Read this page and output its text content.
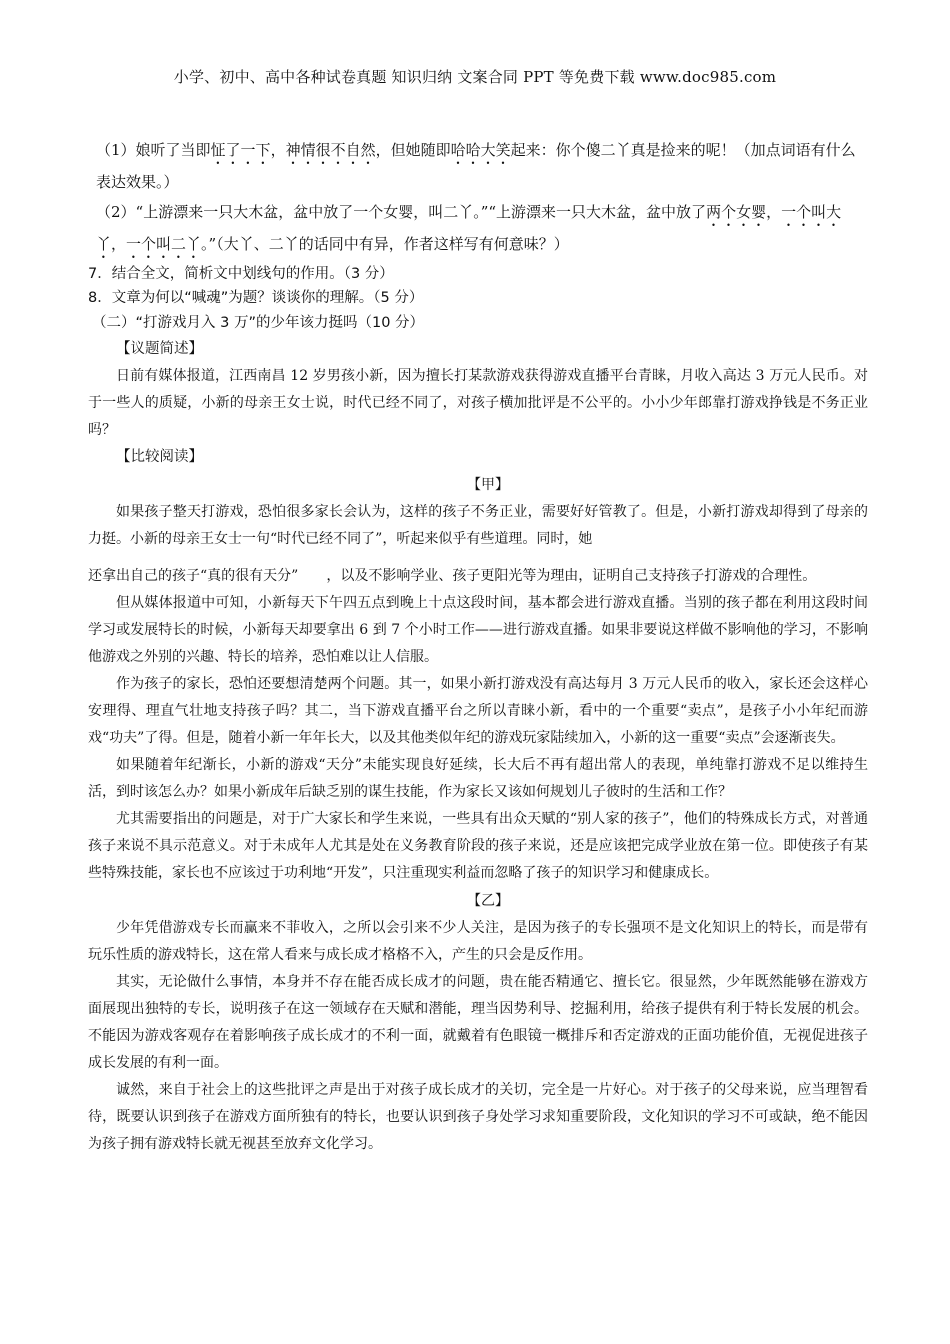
小学、初中、高中各种试卷真题 知识归纳 文案合同 PPT 等免费下载 www.doc985.com

（1）娘听了当即怔了一下，神情很不自然，但她随即哈哈大笑起来：你个傻二丫真是捡来的呢！（加点词语有什么表达效果。）

（2）“上游漂来一只大木盆，盆中放了一个女婴，叫二丫。”“上游漂来一只大木盆，盆中放了两个女婴，一个叫大丫，一个叫二丫。”（大丫、二丫的话同中有异，作者这样写有何意味？）

7．结合全文，简析文中划线句的作用。（3 分）

8．文章为何以“喊魂”为题？谈谈你的理解。（5 分）

（二）“打游戏月入 3 万”的少年该力挺吗（10 分）

【议题简述】

日前有媒体报道，江西南昌 12 岁男孩小新，因为擅长打某款游戏获得游戏直播平台青睐，月收入高达 3 万元人民币。对于一些人的质疑，小新的母亲王女士说，时代已经不同了，对孩子横加批评是不公平的。小小少年郎靠打游戏挣钱是不务正业吗？

【比较阅读】

【甲】

如果孩子整天打游戏，恐怕很多家长会认为，这样的孩子不务正业，需要好好管教了。但是，小新打游戏却得到了母亲的力挺。小新的母亲王女士一句“时代已经不同了”，听起来似乎有些道理。同时，她

还拿出自己的孩子“真的很有天分”　　，以及不影响学业、孩子更阳光等为理由，证明自己支持孩子打游戏的合理性。

但从媒体报道中可知，小新每天下午四五点到晚上十点这段时间，基本都会进行游戏直播。当别的孩子都在利用这段时间学习或发展特长的时候，小新每天却要拿出 6 到 7 个小时工作——进行游戏直播。如果非要说这样做不影响他的学习，不影响他游戏之外别的兴趣、特长的培养，恐怕难以让人信服。

作为孩子的家长，恐怕还要想清楚两个问题。其一，如果小新打游戏没有高达每月 3 万元人民币的收入，家长还会这样心安理得、理直气壮地支持孩子吗？其二，当下游戏直播平台之所以青睐小新，看中的一个重要“卖点”，是孩子小小年纪而游戏“功夫”了得。但是，随着小新一年年长大，以及其他类似年纪的游戏玩家陆续加入，小新的这一重要“卖点”会逐渐丧失。

如果随着年纪渐长，小新的游戏“天分”未能实现良好延续，长大后不再有超出常人的表现，单纯靠打游戏不足以维持生活，到时该怎么办？如果小新成年后缺乏别的谋生技能，作为家长又该如何规划儿子彼时的生活和工作？

尤其需要指出的问题是，对于广大家长和学生来说，一些具有出众天赋的“别人家的孩子”，他们的特殊成长方式，对普通孩子来说不具示范意义。对于未成年人尤其是处在义务教育阶段的孩子来说，还是应该把完成学业放在第一位。即使孩子有某些特殊技能，家长也不应该过于功利地“开发”，只注重现实利益而忽略了孩子的知识学习和健康成长。

【乙】

少年凭借游戏专长而赢来不菲收入，之所以会引来不少人关注，是因为孩子的专长强项不是文化知识上的特长，而是带有玩乐性质的游戏特长，这在常人看来与成长成才格格不入，产生的只会是反作用。

其实，无论做什么事情，本身并不存在能否成长成才的问题，贵在能否精通它、擅长它。很显然，少年既然能够在游戏方面展现出独特的专长，说明孩子在这一领域存在天赋和潜能，理当因势利导、挖掘利用，给孩子提供有利于特长发展的机会。不能因为游戏客观存在着影响孩子成长成才的不利一面，就戴着有色眼镜一概排斥和否定游戏的正面功能价值，无视促进孩子成长发展的有利一面。

诚然，来自于社会上的这些批评之声是出于对孩子成长成才的关切，完全是一片好心。对于孩子的父母来说，应当理智看待，既要认识到孩子在游戏方面所独有的特长，也要认识到孩子身处学习求知重要阶段，文化知识的学习不可或缺，绝不能因为孩子拥有游戏特长就无视甚至放弃文化学习。
